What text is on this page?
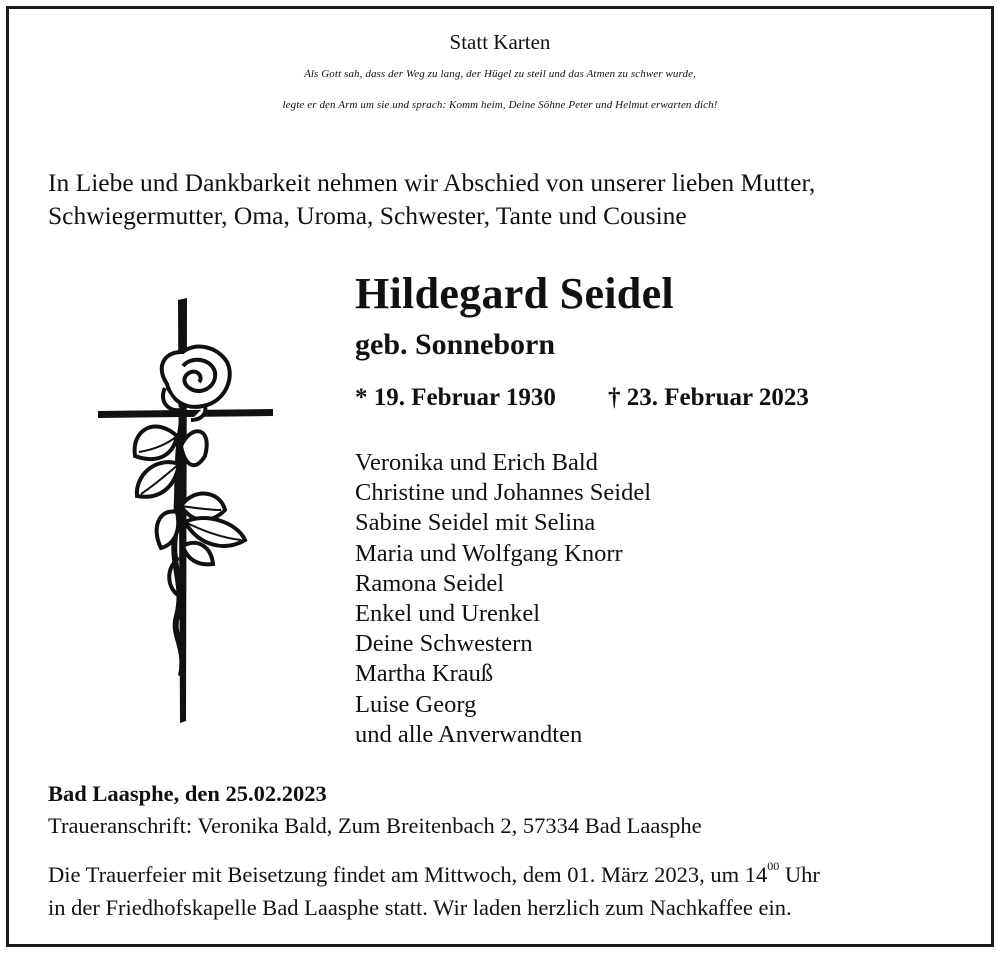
Statt Karten
Als Gott sah, dass der Weg zu lang, der Hügel zu steil und das Atmen zu schwer wurde,
legte er den Arm um sie und sprach: Komm heim, Deine Söhne Peter und Helmut erwarten dich!
In Liebe und Dankbarkeit nehmen wir Abschied von unserer lieben Mutter,
Schwiegermutter, Oma, Uroma, Schwester, Tante und Cousine
Hildegard Seidel
geb. Sonneborn
* 19. Februar 1930 † 23. Februar 2023
Veronika und Erich Bald
Christine und Johannes Seidel
Sabine Seidel mit Selina
Maria und Wolfgang Knorr
Ramona Seidel
Enkel und Urenkel
Deine Schwestern
Martha Krauß
Luise Georg
und alle Anverwandten
Bad Laasphe, den 25.02.2023
Traueranschrift: Veronika Bald, Zum Breitenbach 2, 57334 Bad Laasphe
Die Trauerfeier mit Beisetzung findet am Mittwoch, dem 01. März 2023, um $14^{00}$ Uhr
in der Friedhofskapelle Bad Laasphe statt. Wir laden herzlich zum Nachkaffee ein.
